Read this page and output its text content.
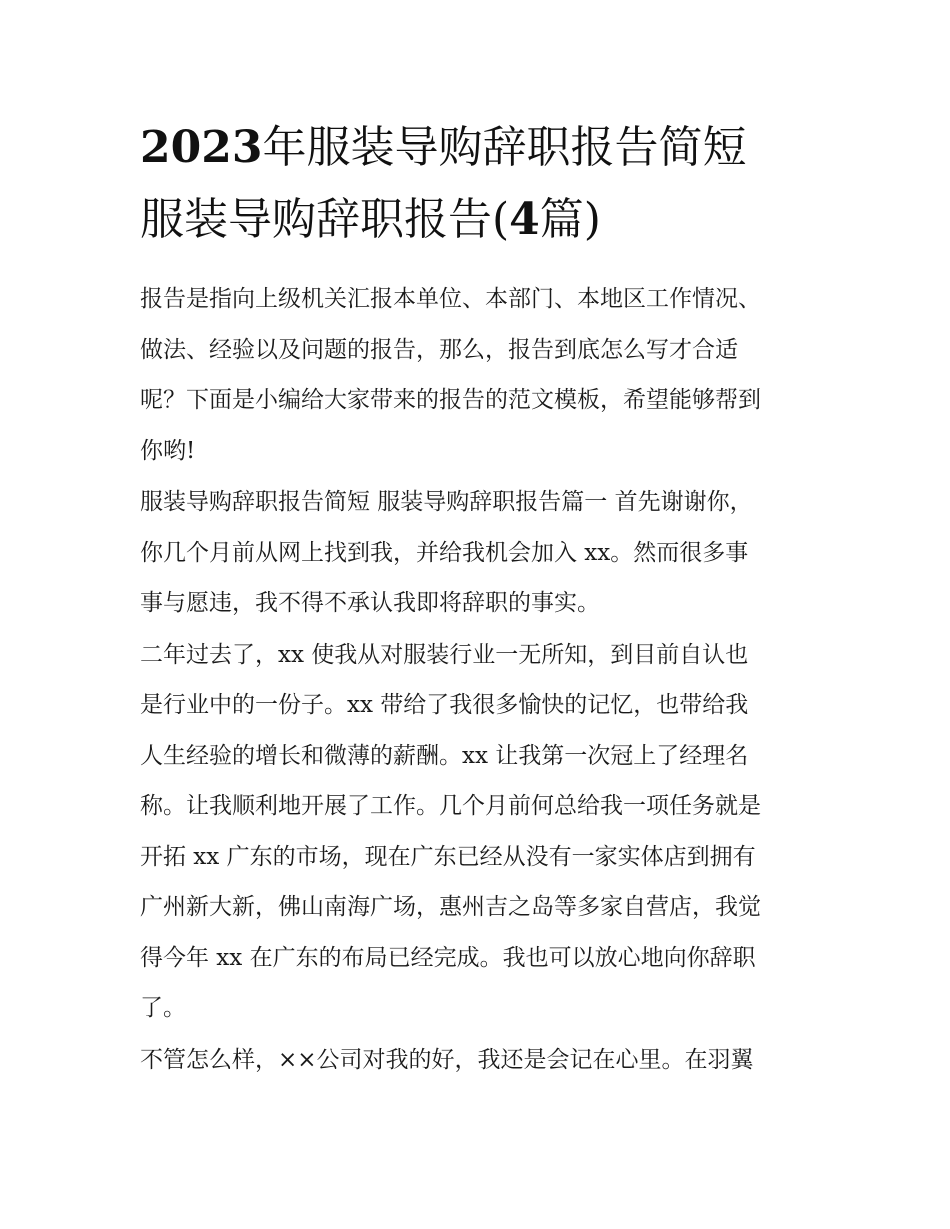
2023年服装导购辞职报告简短
服装导购辞职报告(4篇)
报告是指向上级机关汇报本单位、本部门、本地区工作情况、
做法、经验以及问题的报告，那么，报告到底怎么写才合适
呢？下面是小编给大家带来的报告的范文模板，希望能够帮到
你哟!
服装导购辞职报告简短 服装导购辞职报告篇一 首先谢谢你，
你几个月前从网上找到我，并给我机会加入 xx。然而很多事
事与愿违，我不得不承认我即将辞职的事实。
二年过去了，xx 使我从对服装行业一无所知，到目前自认也
是行业中的一份子。xx 带给了我很多愉快的记忆，也带给我
人生经验的增长和微薄的薪酬。xx 让我第一次冠上了经理名
称。让我顺利地开展了工作。几个月前何总给我一项任务就是
开拓 xx 广东的市场，现在广东已经从没有一家实体店到拥有
广州新大新，佛山南海广场，惠州吉之岛等多家自营店，我觉
得今年 xx 在广东的布局已经完成。我也可以放心地向你辞职
了。
不管怎么样，××公司对我的好，我还是会记在心里。在羽翼
